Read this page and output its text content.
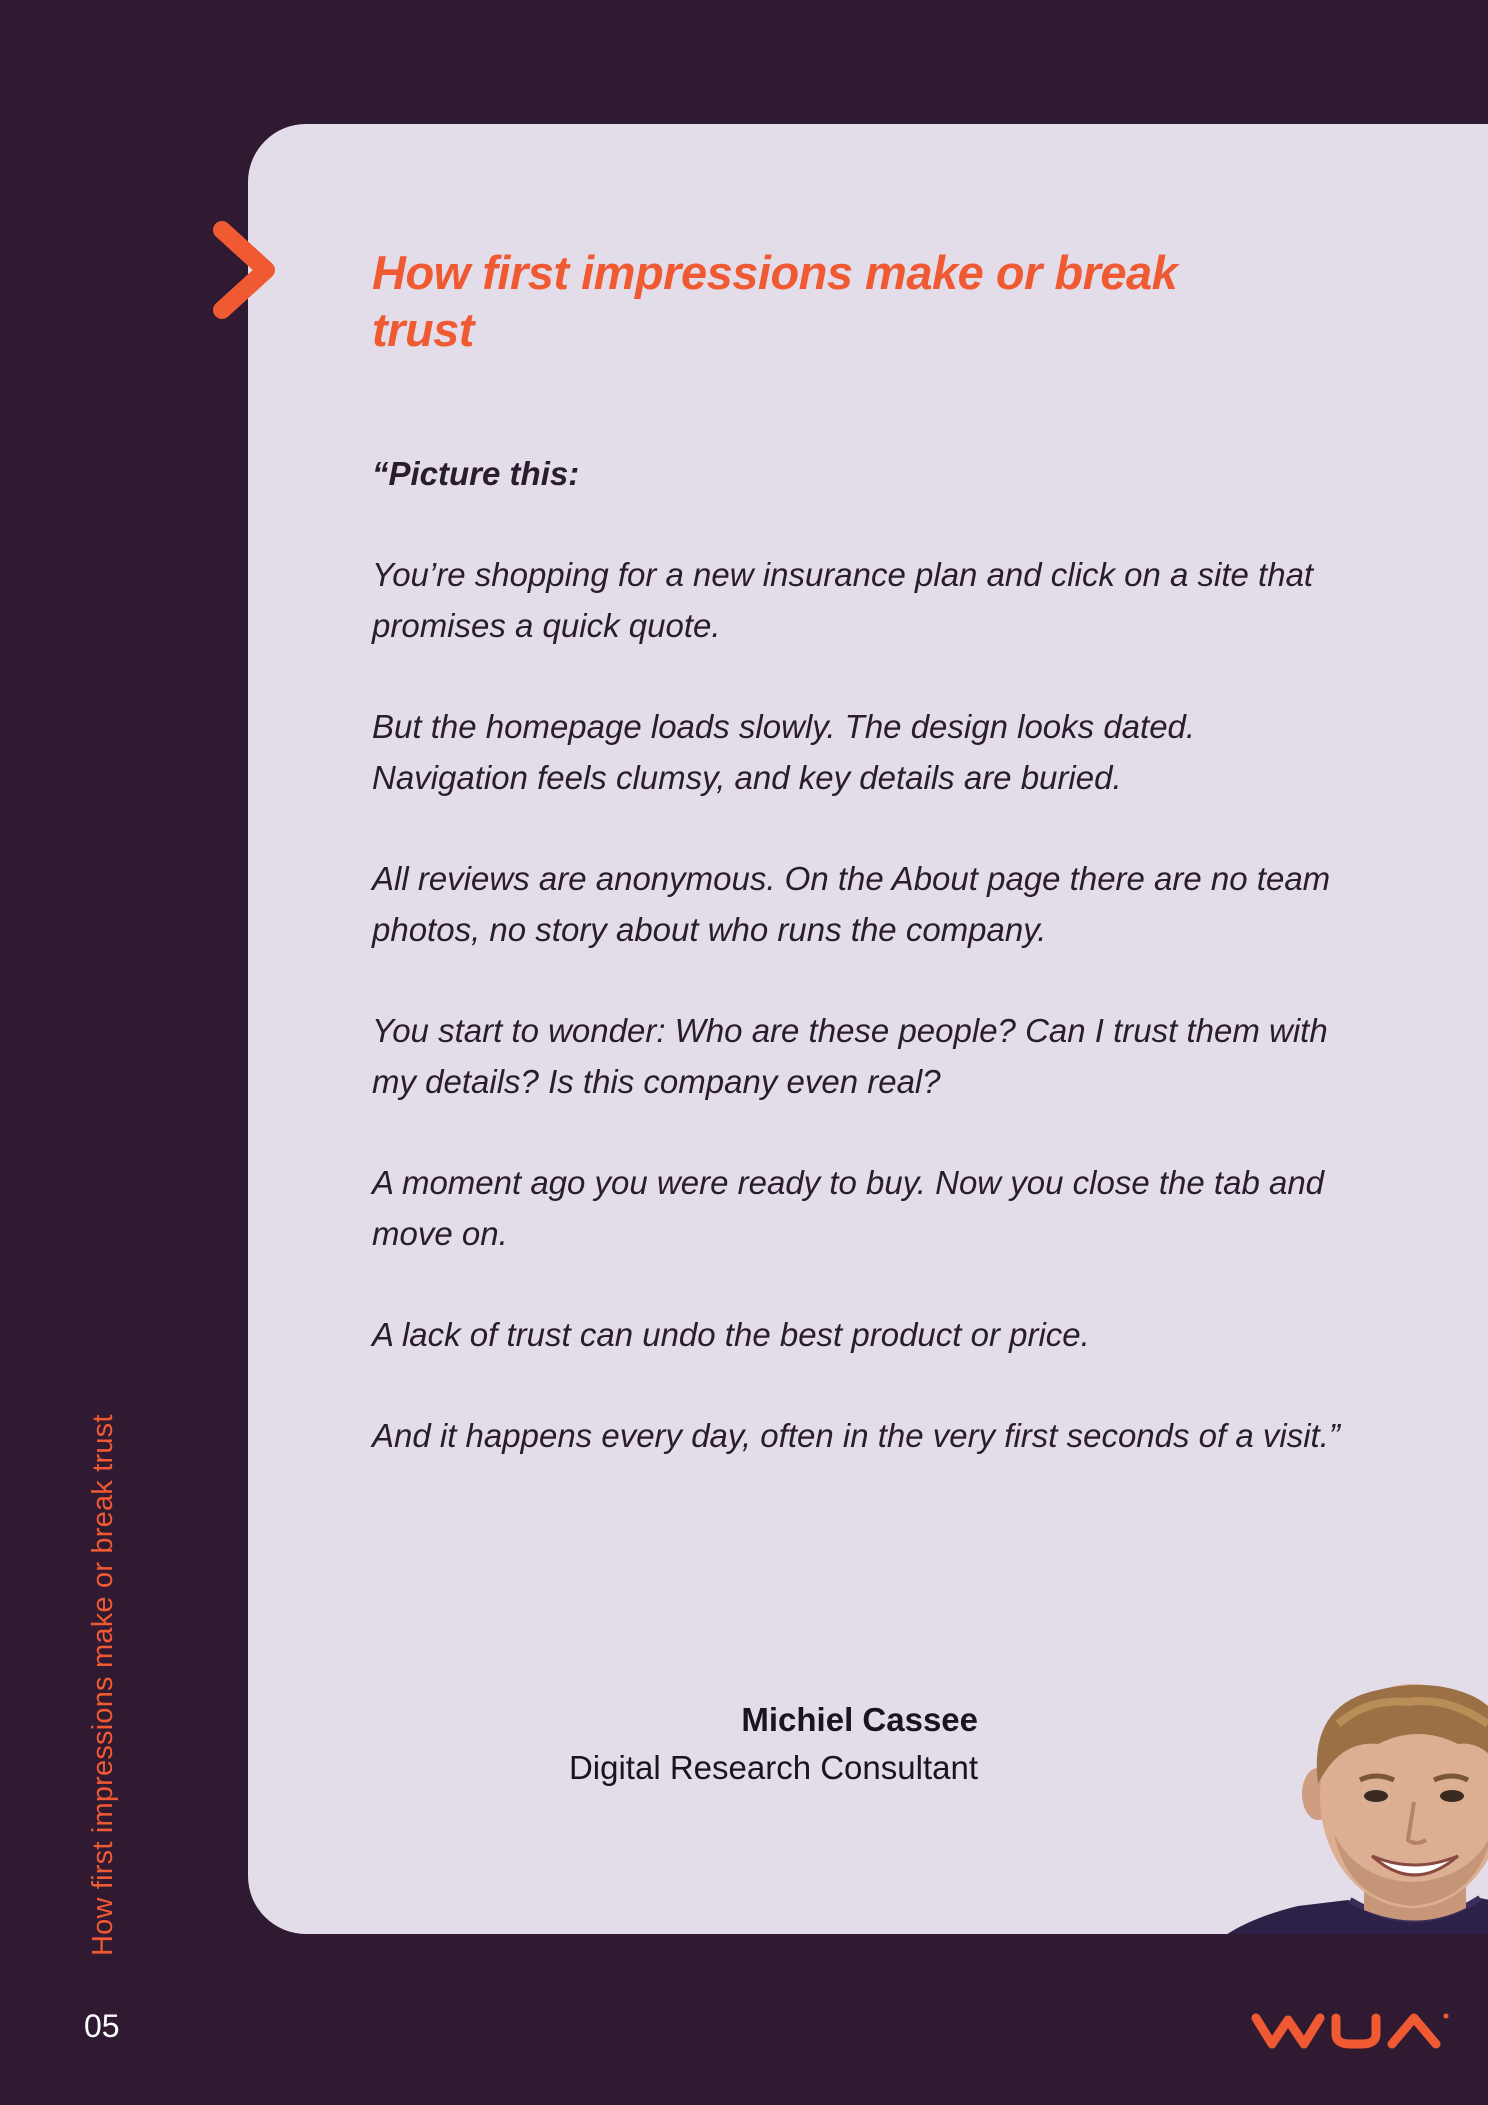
How first impressions make or break trust

“Picture this:

You’re shopping for a new insurance plan and click on a site that promises a quick quote.

But the homepage loads slowly. The design looks dated. Navigation feels clumsy, and key details are buried.

All reviews are anonymous. On the About page there are no team photos, no story about who runs the company.

You start to wonder: Who are these people? Can I trust them with my details? Is this company even real?

A moment ago you were ready to buy. Now you close the tab and move on.

A lack of trust can undo the best product or price.

And it happens every day, often in the very first seconds of a visit.”

Michiel Cassee
Digital Research Consultant
How first impressions make or break trust
05
